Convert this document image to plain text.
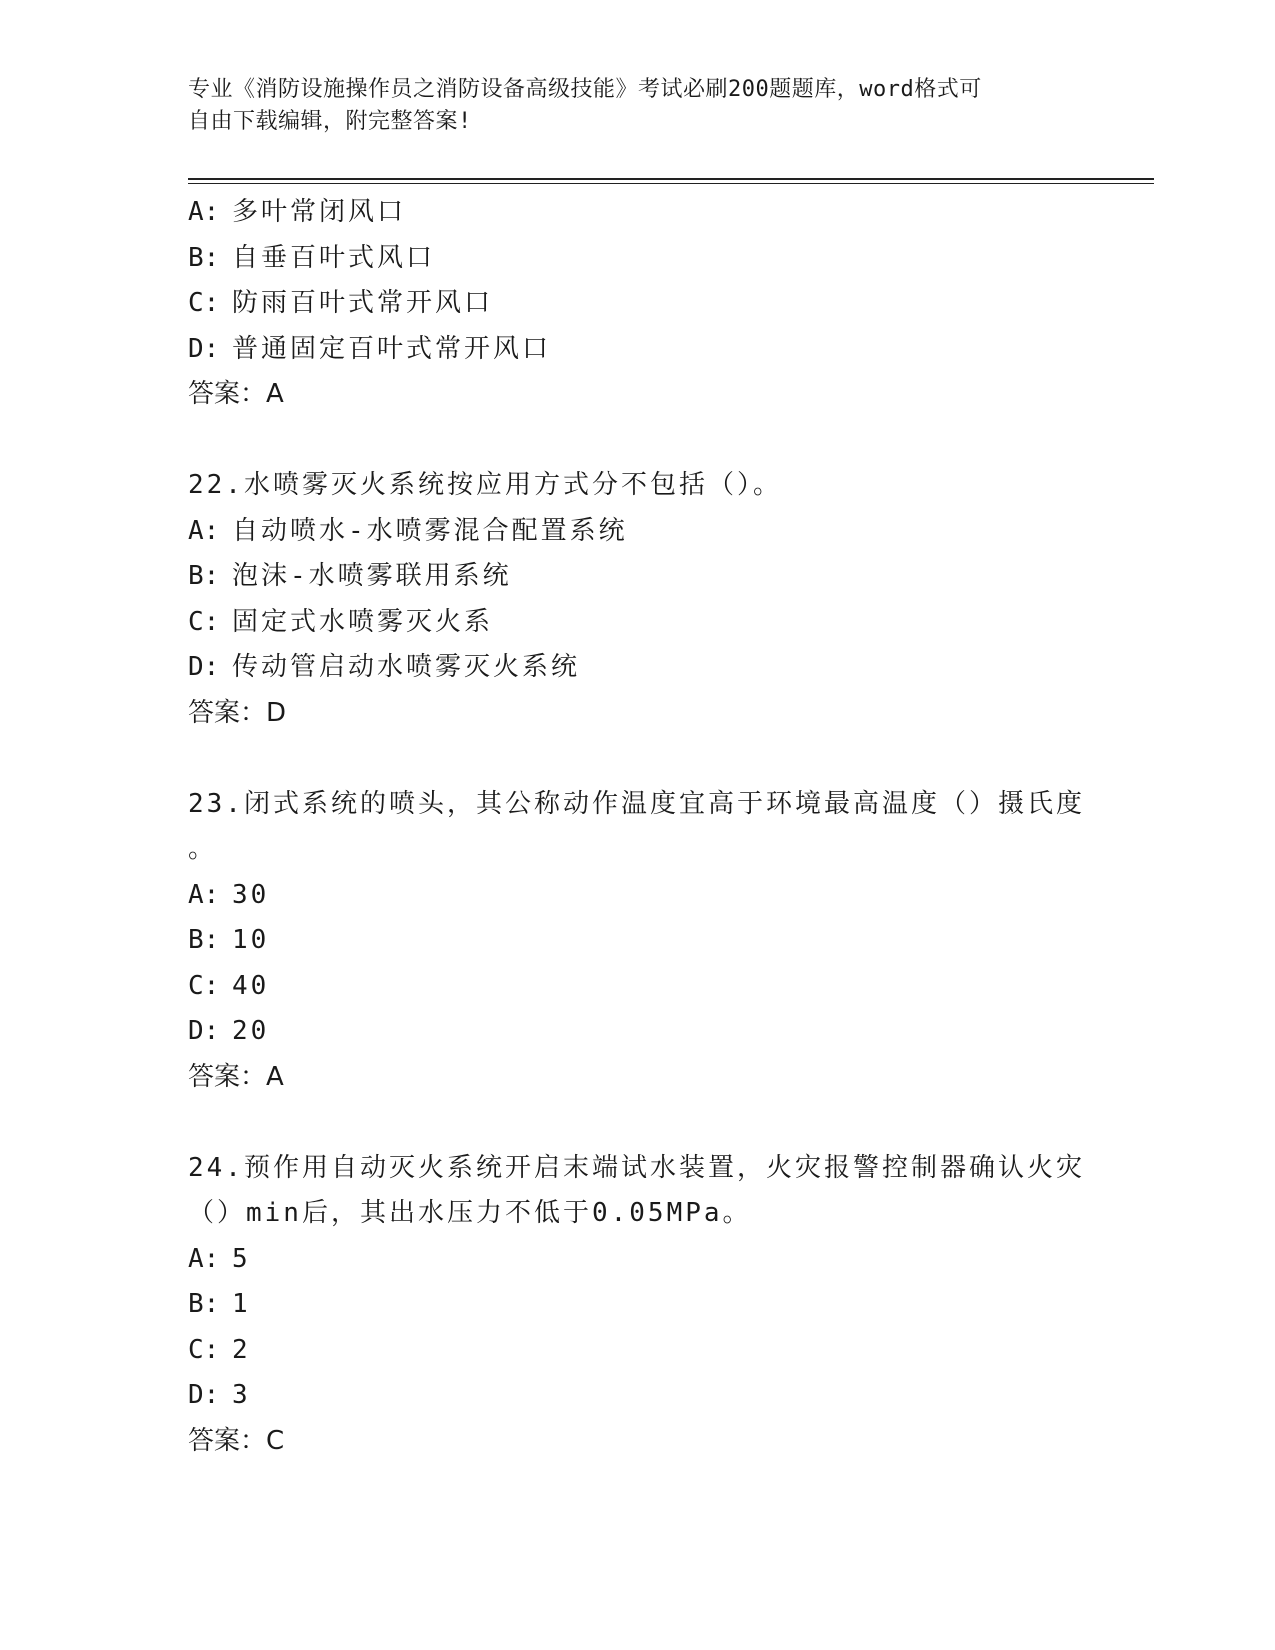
专业《消防设施操作员之消防设备高级技能》考试必刷200题题库，word格式可
自由下载编辑，附完整答案!
A: 多叶常闭风口
B: 自垂百叶式风口
C: 防雨百叶式常开风口
D: 普通固定百叶式常开风口
答案：A
22.水喷雾灭火系统按应用方式分不包括（）。
A: 自动喷水-水喷雾混合配置系统
B: 泡沫-水喷雾联用系统
C: 固定式水喷雾灭火系
D: 传动管启动水喷雾灭火系统
答案：D
23.闭式系统的喷头，其公称动作温度宜高于环境最高温度（）摄氏度
。
A: 30
B: 10
C: 40
D: 20
答案：A
24.预作用自动灭火系统开启末端试水装置，火灾报警控制器确认火灾
（）min后，其出水压力不低于0.05MPa。
A: 5
B: 1
C: 2
D: 3
答案：C
